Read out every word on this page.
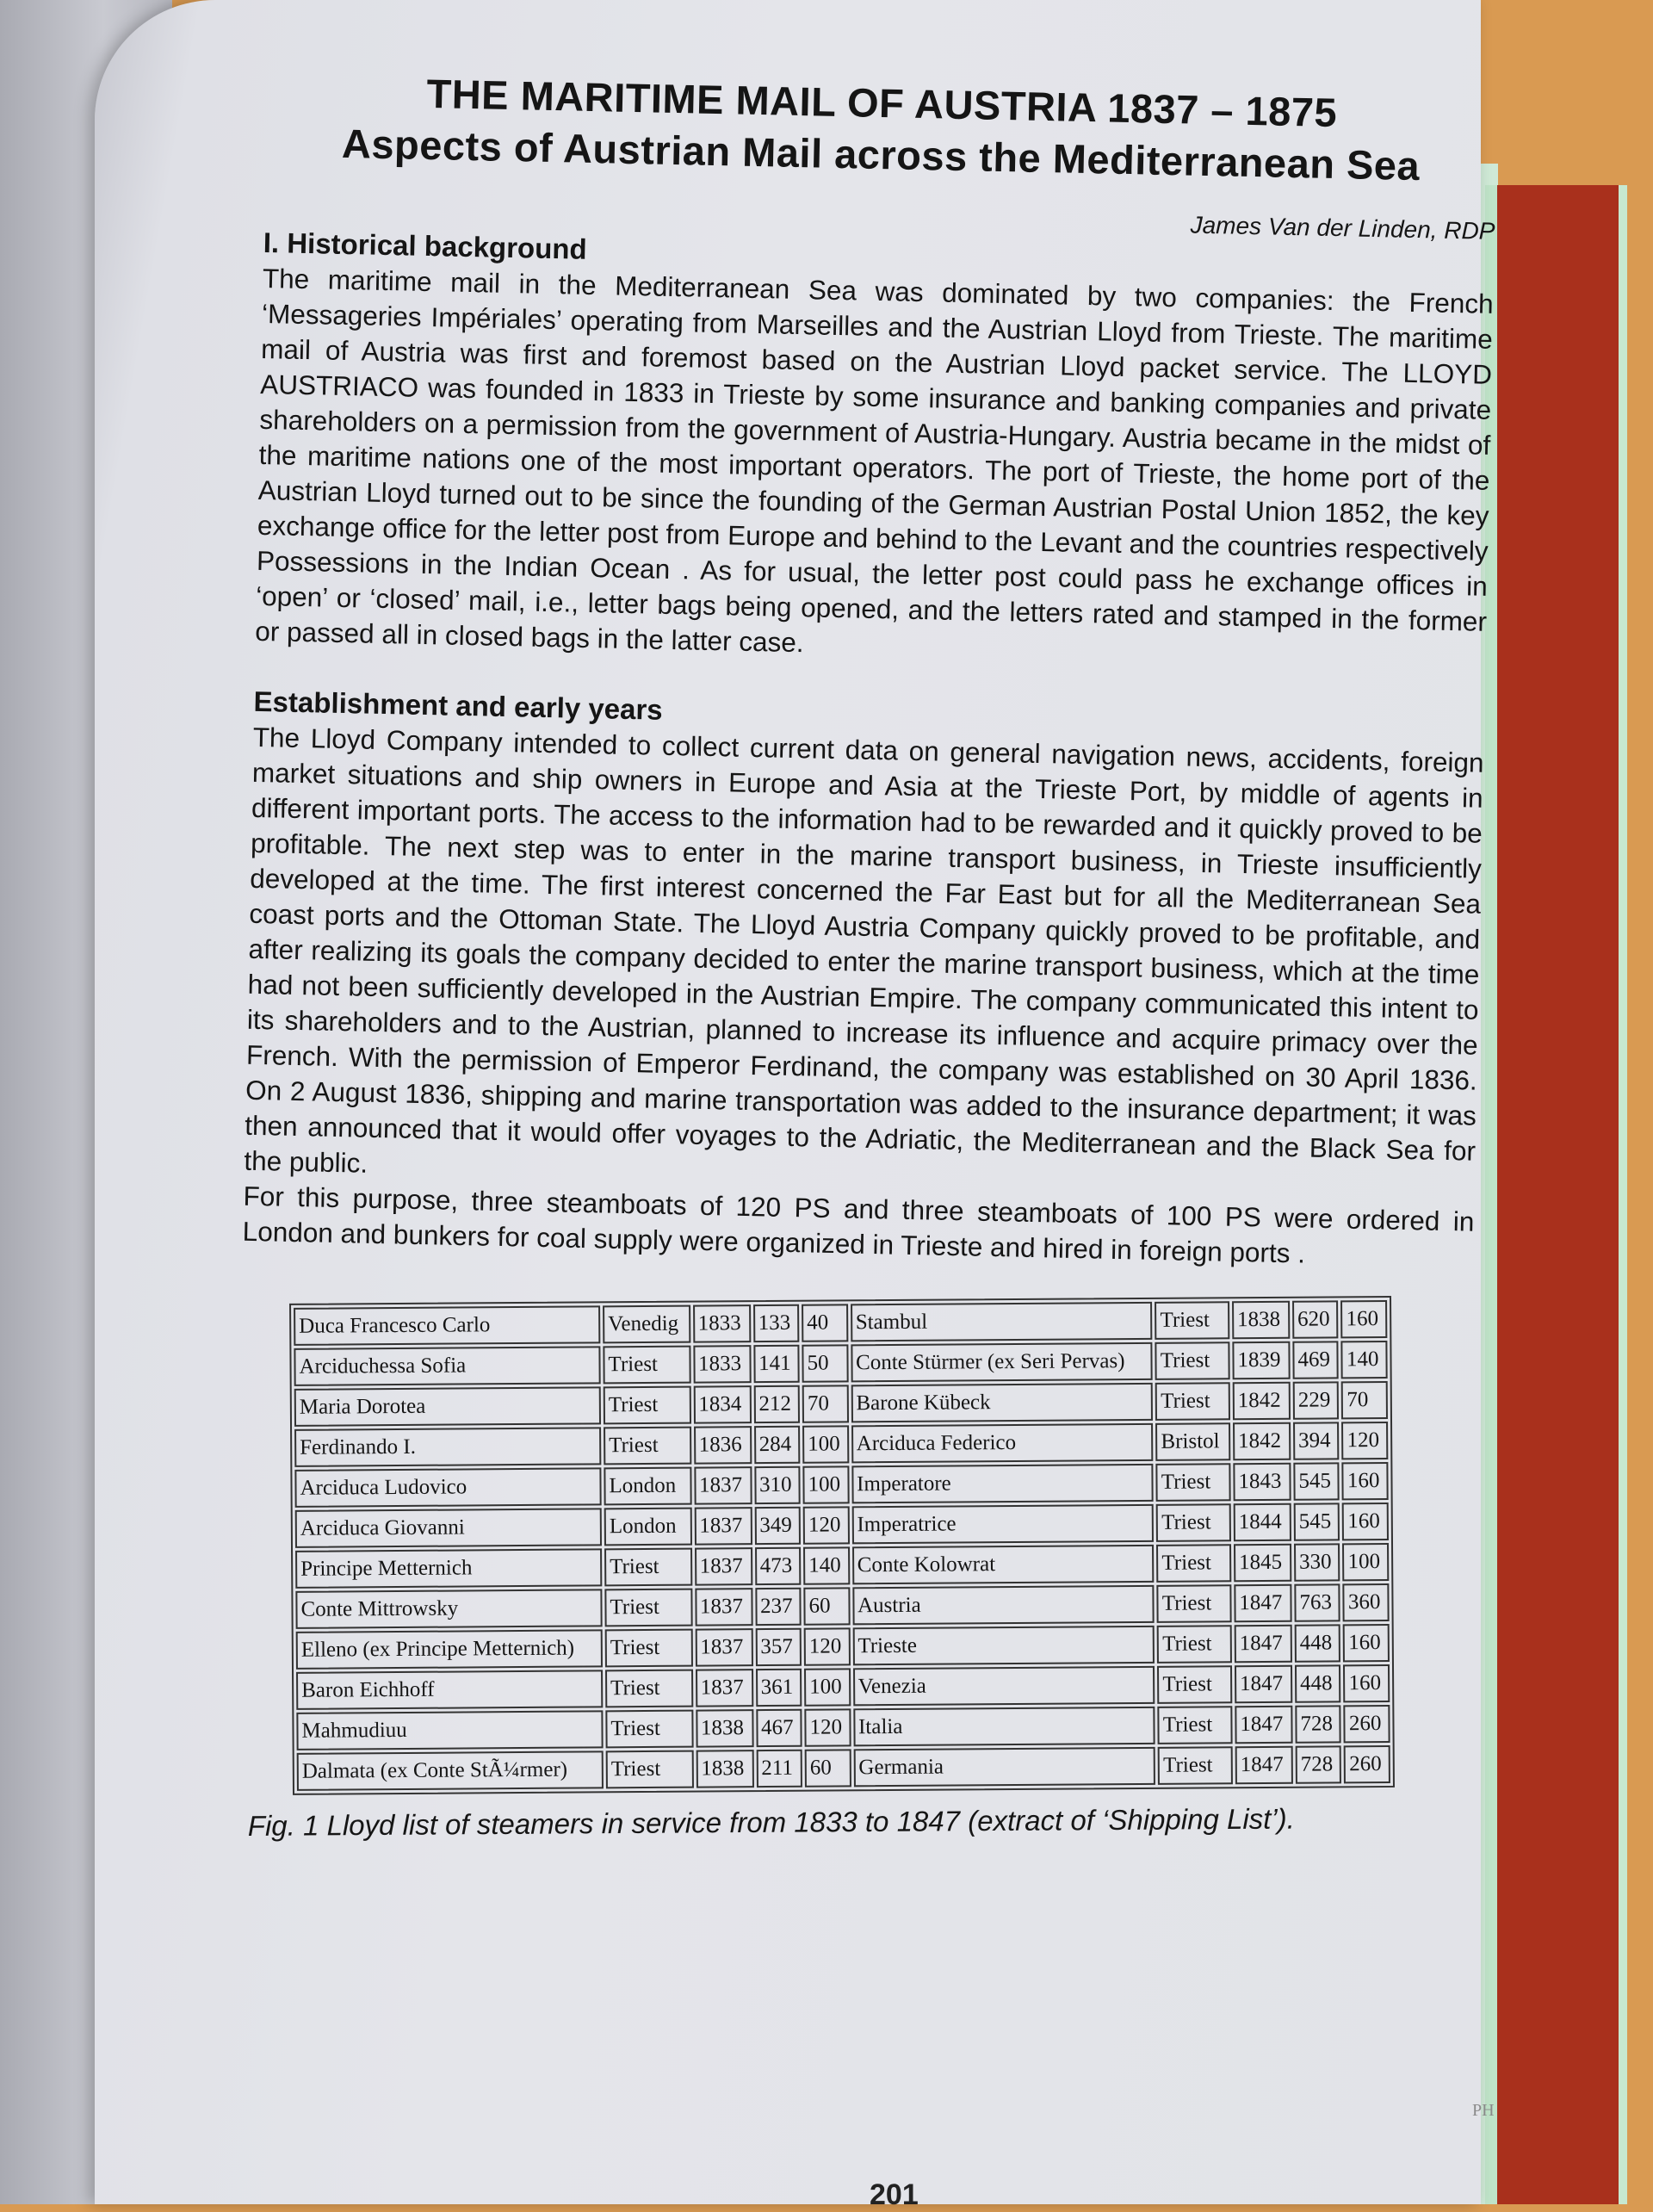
THE MARITIME MAIL OF AUSTRIA 1837 – 1875
Aspects of Austrian Mail across the Mediterranean Sea
James Van der Linden, RDP
I. Historical background

The maritime mail in the Mediterranean Sea was dominated by two companies: the French ‘Messageries Impériales’ operating from Marseilles and the Austrian Lloyd from Trieste. The maritime mail of Austria was first and foremost based on the Austrian Lloyd packet service. The LLOYD AUSTRIACO was founded in 1833 in Trieste by some insurance and banking companies and private shareholders on a permission from the government of Austria-Hungary. Austria became in the midst of the maritime nations one of the most important operators. The port of Trieste, the home port of the Austrian Lloyd turned out to be since the founding of the German Austrian Postal Union 1852, the key exchange office for the letter post from Europe and behind to the Levant and the countries respectively Possessions in the Indian Ocean . As for usual, the letter post could pass he exchange offices in ‘open’ or ‘closed’ mail, i.e., letter bags being opened, and the letters rated and stamped in the former or passed all in closed bags in the latter case.

Establishment and early years

The Lloyd Company intended to collect current data on general navigation news, accidents, foreign market situations and ship owners in Europe and Asia at the Trieste Port, by middle of agents in different important ports. The access to the information had to be rewarded and it quickly proved to be profitable. The next step was to enter in the marine transport business, in Trieste insufficiently developed at the time. The first interest concerned the Far East but for all the Mediterranean Sea coast ports and the Ottoman State. The Lloyd Austria Company quickly proved to be profitable, and after realizing its goals the company decided to enter the marine transport business, which at the time had not been sufficiently developed in the Austrian Empire. The company communicated this intent to its shareholders and to the Austrian, planned to increase its influence and acquire primacy over the French. With the permission of Emperor Ferdinand, the company was established on 30 April 1836. On 2 August 1836, shipping and marine transportation was added to the insurance department; it was then announced that it would offer voyages to the Adriatic, the Mediterranean and the Black Sea for the public.

For this purpose, three steamboats of 120 PS and three steamboats of 100 PS were ordered in London and bunkers for coal supply were organized in Trieste and hired in foreign ports .

Duca Francesco Carlo	Venedig	1833	133	40	Stambul	Triest	1838	620	160
Arciduchessa Sofia	Triest	1833	141	50	Conte Stürmer (ex Seri Pervas)	Triest	1839	469	140
Maria Dorotea	Triest	1834	212	70	Barone Kübeck	Triest	1842	229	70
Ferdinando I.	Triest	1836	284	100	Arciduca Federico	Bristol	1842	394	120
Arciduca Ludovico	London	1837	310	100	Imperatore	Triest	1843	545	160
Arciduca Giovanni	London	1837	349	120	Imperatrice	Triest	1844	545	160
Principe Metternich	Triest	1837	473	140	Conte Kolowrat	Triest	1845	330	100
Conte Mittrowsky	Triest	1837	237	60	Austria	Triest	1847	763	360
Elleno (ex Principe Metternich)	Triest	1837	357	120	Trieste	Triest	1847	448	160
Baron Eichhoff	Triest	1837	361	100	Venezia	Triest	1847	448	160
Mahmudiuu	Triest	1838	467	120	Italia	Triest	1847	728	260
Dalmata (ex Conte StÃ¼rmer)	Triest	1838	211	60	Germania	Triest	1847	728	260
Fig. 1 Lloyd list of steamers in service from 1833 to 1847 (extract of ‘Shipping List’).
PH
201
